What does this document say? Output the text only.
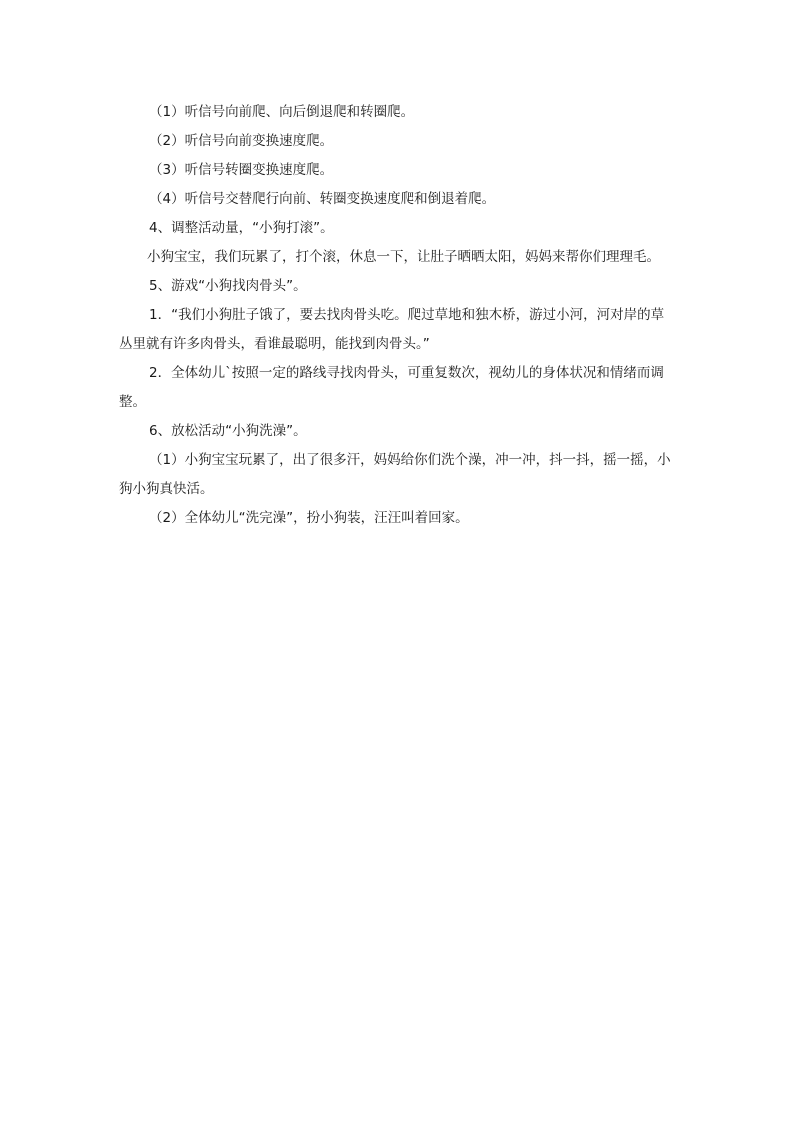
（1）听信号向前爬、向后倒退爬和转圈爬。

（2）听信号向前变换速度爬。

（3）听信号转圈变换速度爬。

（4）听信号交替爬行向前、转圈变换速度爬和倒退着爬。

4、调整活动量，“小狗打滚”。

小狗宝宝，我们玩累了，打个滚，休息一下，让肚子晒晒太阳，妈妈来帮你们理理毛。

5、游戏“小狗找肉骨头”。

1．“我们小狗肚子饿了，要去找肉骨头吃。爬过草地和独木桥，游过小河，河对岸的草丛里就有许多肉骨头，看谁最聪明，能找到肉骨头。”

2．全体幼儿`按照一定的路线寻找肉骨头，可重复数次，视幼儿的身体状况和情绪而调整。

6、放松活动“小狗洗澡”。

（1）小狗宝宝玩累了，出了很多汗，妈妈给你们洗个澡，冲一冲，抖一抖，摇一摇，小狗小狗真快活。

（2）全体幼儿“洗完澡”，扮小狗装，汪汪叫着回家。
